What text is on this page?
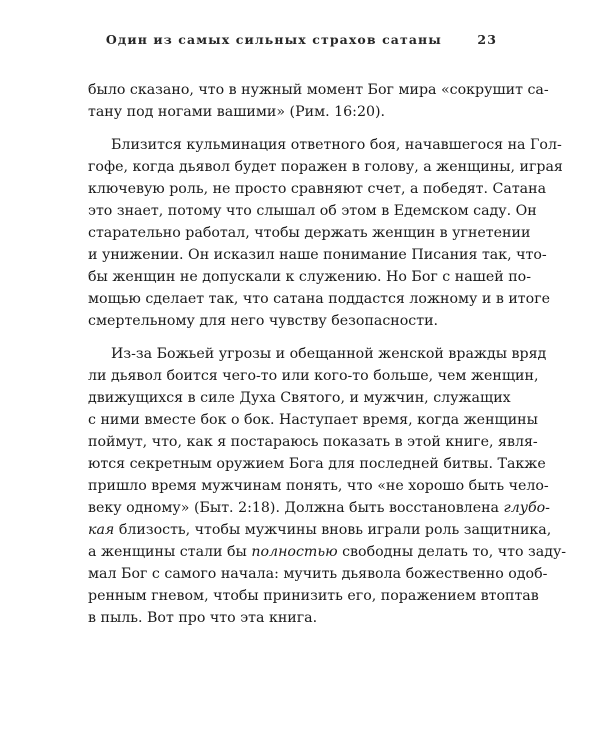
Один из самых сильных страхов сатаны	23
было сказано, что в нужный момент Бог мира «сокрушит са-
тану под ногами вашими» (Рим. 16:20).
Близится кульминация ответного боя, начавшегося на Гол-
гофе, когда дьявол будет поражен в голову, а женщины, играя
ключевую роль, не просто сравняют счет, а победят. Сатана
это знает, потому что слышал об этом в Едемском саду. Он
старательно работал, чтобы держать женщин в угнетении
и унижении. Он исказил наше понимание Писания так, что-
бы женщин не допускали к служению. Но Бог с нашей по-
мощью сделает так, что сатана поддастся ложному и в итоге
смертельному для него чувству безопасности.
Из-за Божьей угрозы и обещанной женской вражды вряд
ли дьявол боится чего-то или кого-то больше, чем женщин,
движущихся в силе Духа Святого, и мужчин, служащих
с ними вместе бок о бок. Наступает время, когда женщины
поймут, что, как я постараюсь показать в этой книге, явля-
ются секретным оружием Бога для последней битвы. Также
пришло время мужчинам понять, что «не хорошо быть чело-
веку одному» (Быт. 2:18). Должна быть восстановлена глубо-
кая близость, чтобы мужчины вновь играли роль защитника,
а женщины стали бы полностью свободны делать то, что заду-
мал Бог с самого начала: мучить дьявола божественно одоб-
ренным гневом, чтобы принизить его, поражением втоптав
в пыль. Вот про что эта книга.
